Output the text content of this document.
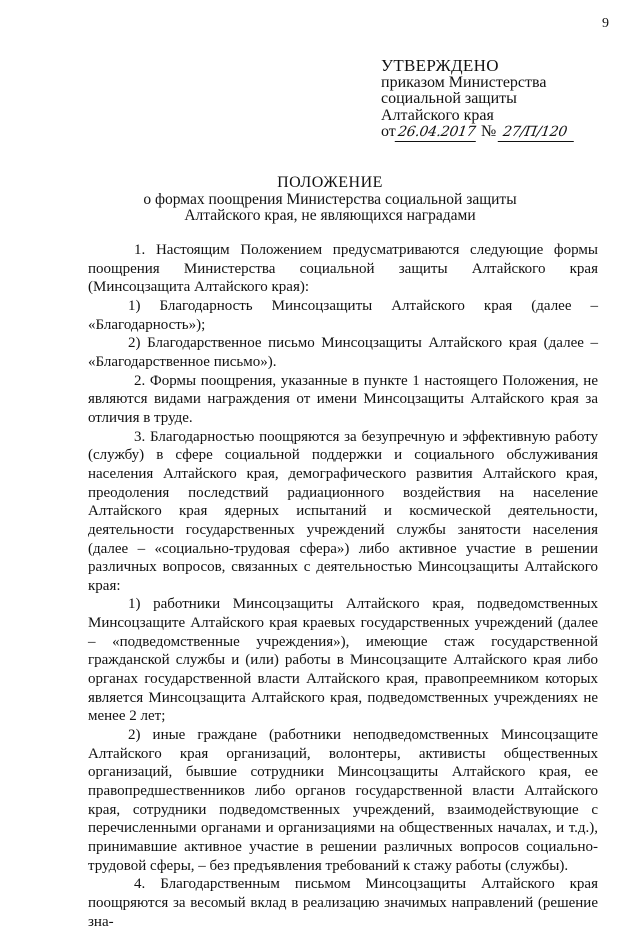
9
УТВЕРЖДЕНО
приказом Министерства
социальной защиты
Алтайского края
от26.04.2017 № 27/П/120
ПОЛОЖЕНИЕ
о формах поощрения Министерства социальной защиты
Алтайского края, не являющихся наградами

1. Настоящим Положением предусматриваются следующие формы поощрения Министерства социальной защиты Алтайского края (Минсоцзащита Алтайского края):

1) Благодарность Минсоцзащиты Алтайского края (далее – «Благодарность»);

2) Благодарственное письмо Минсоцзащиты Алтайского края (далее – «Благодарственное письмо»).

2. Формы поощрения, указанные в пункте 1 настоящего Положения, не являются видами награждения от имени Минсоцзащиты Алтайского края за отличия в труде.

3. Благодарностью поощряются за безупречную и эффективную работу (службу) в сфере социальной поддержки и социального обслуживания населения Алтайского края, демографического развития Алтайского края, преодоления последствий радиационного воздействия на население Алтайского края ядерных испытаний и космической деятельности, деятельности государственных учреждений службы занятости населения (далее – «социально-трудовая сфера») либо активное участие в решении различных вопросов, связанных с деятельностью Минсоцзащиты Алтайского края:

1) работники Минсоцзащиты Алтайского края, подведомственных Минсоцзащите Алтайского края краевых государственных учреждений (далее – «подведомственные учреждения»), имеющие стаж государственной гражданской службы и (или) работы в Минсоцзащите Алтайского края либо органах государственной власти Алтайского края, правопреемником которых является Минсоцзащита Алтайского края, подведомственных учреждениях не менее 2 лет;

2) иные граждане (работники неподведомственных Минсоцзащите Алтайского края организаций, волонтеры, активисты общественных организаций, бывшие сотрудники Минсоцзащиты Алтайского края, ее правопредшественников либо органов государственной власти Алтайского края, сотрудники подведомственных учреждений, взаимодействующие с перечисленными органами и организациями на общественных началах, и т.д.), принимавшие активное участие в решении различных вопросов социально-трудовой сферы, – без предъявления требований к стажу работы (службы).

4. Благодарственным письмом Минсоцзащиты Алтайского края поощряются за весомый вклад в реализацию значимых направлений (решение зна-
